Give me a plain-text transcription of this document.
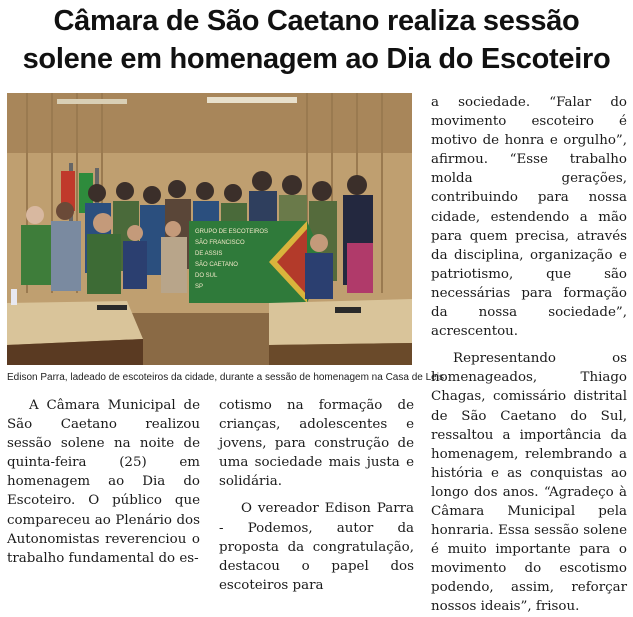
Câmara de São Caetano realiza sessão
solene em homenagem ao Dia do Escoteiro
GRUPO DE ESCOTEIROS
SÃO FRANCISCO
DE ASSIS
SÃO CAETANO
DO SUL
SP
Edison Parra, ladeado de escoteiros da cidade, durante a sessão de homenagem na Casa de Leis

A Câmara Municipal de São Caetano realizou sessão solene na noite de quinta-feira (25) em homenagem ao Dia do Escoteiro. O público que compareceu ao Plenário dos Autonomistas reverenciou o trabalho fundamental do es-

cotismo na formação de crianças, adolescentes e jovens, para construção de uma sociedade mais justa e solidária.

O vereador Edison Parra - Podemos, autor da proposta da congratulação, destacou o papel dos escoteiros para

a sociedade. “Falar do movimento escoteiro é motivo de honra e orgulho”, afirmou. “Esse trabalho molda gerações, contribuindo para nossa cidade, estendendo a mão para quem precisa, através da disciplina, organização e patriotismo, que são necessárias para formação da nossa sociedade”, acrescentou.

Representando os homenageados, Thiago Chagas, comissário distrital de São Caetano do Sul, ressaltou a importância da homenagem, relembrando a história e as conquistas ao longo dos anos. “Agradeço à Câmara Municipal pela honraria. Essa sessão solene é muito importante para o movimento do escotismo podendo, assim, reforçar nossos ideais”, frisou.
